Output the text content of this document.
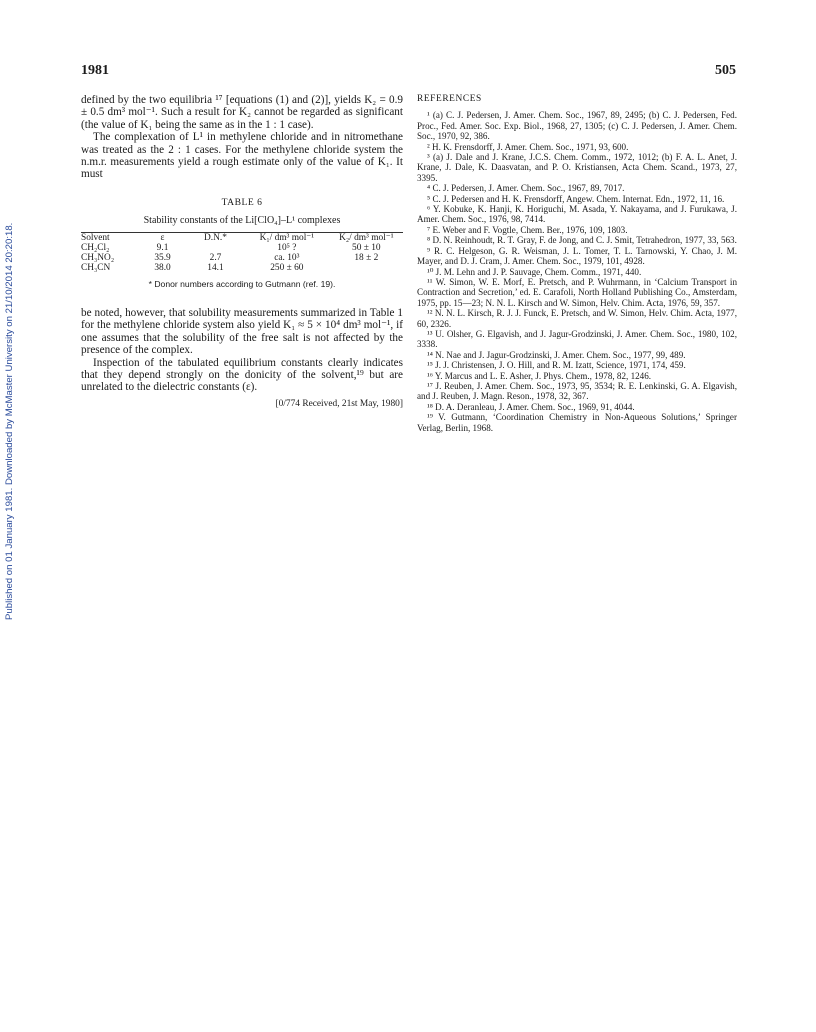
1981	505
Published on 01 January 1981. Downloaded by McMaster University on 21/10/2014 20:20:18.

defined by the two equilibria ¹⁷ [equations (1) and (2)], yields K₂ = 0.9 ± 0.5 dm³ mol⁻¹. Such a result for K₂ cannot be regarded as significant (the value of K₁ being the same as in the 1 : 1 case).

The complexation of L¹ in methylene chloride and in nitromethane was treated as the 2 : 1 cases. For the methylene chloride system the n.m.r. measurements yield a rough estimate only of the value of K₁. It must

TABLE 6
Stability constants of the Li[ClO₄]–L¹ complexes
Solvent	ε	D.N.*	K₁/ dm³ mol⁻¹	K₂/ dm³ mol⁻¹
CH₂Cl₂	9.1		10⁵ ?	50 ± 10
CH₃NO₂	35.9	2.7	ca. 10³	18 ± 2
CH₃CN	38.0	14.1	250 ± 60	
* Donor numbers according to Gutmann (ref. 19).

be noted, however, that solubility measurements summarized in Table 1 for the methylene chloride system also yield K₁ ≈ 5 × 10⁴ dm³ mol⁻¹, if one assumes that the solubility of the free salt is not affected by the presence of the complex.

Inspection of the tabulated equilibrium constants clearly indicates that they depend strongly on the donicity of the solvent,¹⁹ but are unrelated to the dielectric constants (ε).

[0/774 Received, 21st May, 1980]
REFERENCES

¹ (a) C. J. Pedersen, J. Amer. Chem. Soc., 1967, 89, 2495; (b) C. J. Pedersen, Fed. Proc., Fed. Amer. Soc. Exp. Biol., 1968, 27, 1305; (c) C. J. Pedersen, J. Amer. Chem. Soc., 1970, 92, 386.

² H. K. Frensdorff, J. Amer. Chem. Soc., 1971, 93, 600.

³ (a) J. Dale and J. Krane, J.C.S. Chem. Comm., 1972, 1012; (b) F. A. L. Anet, J. Krane, J. Dale, K. Daasvatan, and P. O. Kristiansen, Acta Chem. Scand., 1973, 27, 3395.

⁴ C. J. Pedersen, J. Amer. Chem. Soc., 1967, 89, 7017.

⁵ C. J. Pedersen and H. K. Frensdorff, Angew. Chem. Internat. Edn., 1972, 11, 16.

⁶ Y. Kobuke, K. Hanji, K. Horiguchi, M. Asada, Y. Nakayama, and J. Furukawa, J. Amer. Chem. Soc., 1976, 98, 7414.

⁷ E. Weber and F. Vogtle, Chem. Ber., 1976, 109, 1803.

⁸ D. N. Reinhoudt, R. T. Gray, F. de Jong, and C. J. Smit, Tetrahedron, 1977, 33, 563.

⁹ R. C. Helgeson, G. R. Weisman, J. L. Tomer, T. L. Tarnowski, Y. Chao, J. M. Mayer, and D. J. Cram, J. Amer. Chem. Soc., 1979, 101, 4928.

¹⁰ J. M. Lehn and J. P. Sauvage, Chem. Comm., 1971, 440.

¹¹ W. Simon, W. E. Morf, E. Pretsch, and P. Wuhrmann, in ‘Calcium Transport in Contraction and Secretion,’ ed. E. Carafoli, North Holland Publishing Co., Amsterdam, 1975, pp. 15—23; N. N. L. Kirsch and W. Simon, Helv. Chim. Acta, 1976, 59, 357.

¹² N. N. L. Kirsch, R. J. J. Funck, E. Pretsch, and W. Simon, Helv. Chim. Acta, 1977, 60, 2326.

¹³ U. Olsher, G. Elgavish, and J. Jagur-Grodzinski, J. Amer. Chem. Soc., 1980, 102, 3338.

¹⁴ N. Nae and J. Jagur-Grodzinski, J. Amer. Chem. Soc., 1977, 99, 489.

¹⁵ J. J. Christensen, J. O. Hill, and R. M. Izatt, Science, 1971, 174, 459.

¹⁶ Y. Marcus and L. E. Asher, J. Phys. Chem., 1978, 82, 1246.

¹⁷ J. Reuben, J. Amer. Chem. Soc., 1973, 95, 3534; R. E. Lenkinski, G. A. Elgavish, and J. Reuben, J. Magn. Reson., 1978, 32, 367.

¹⁸ D. A. Deranleau, J. Amer. Chem. Soc., 1969, 91, 4044.

¹⁹ V. Gutmann, ‘Coordination Chemistry in Non-Aqueous Solutions,’ Springer Verlag, Berlin, 1968.
